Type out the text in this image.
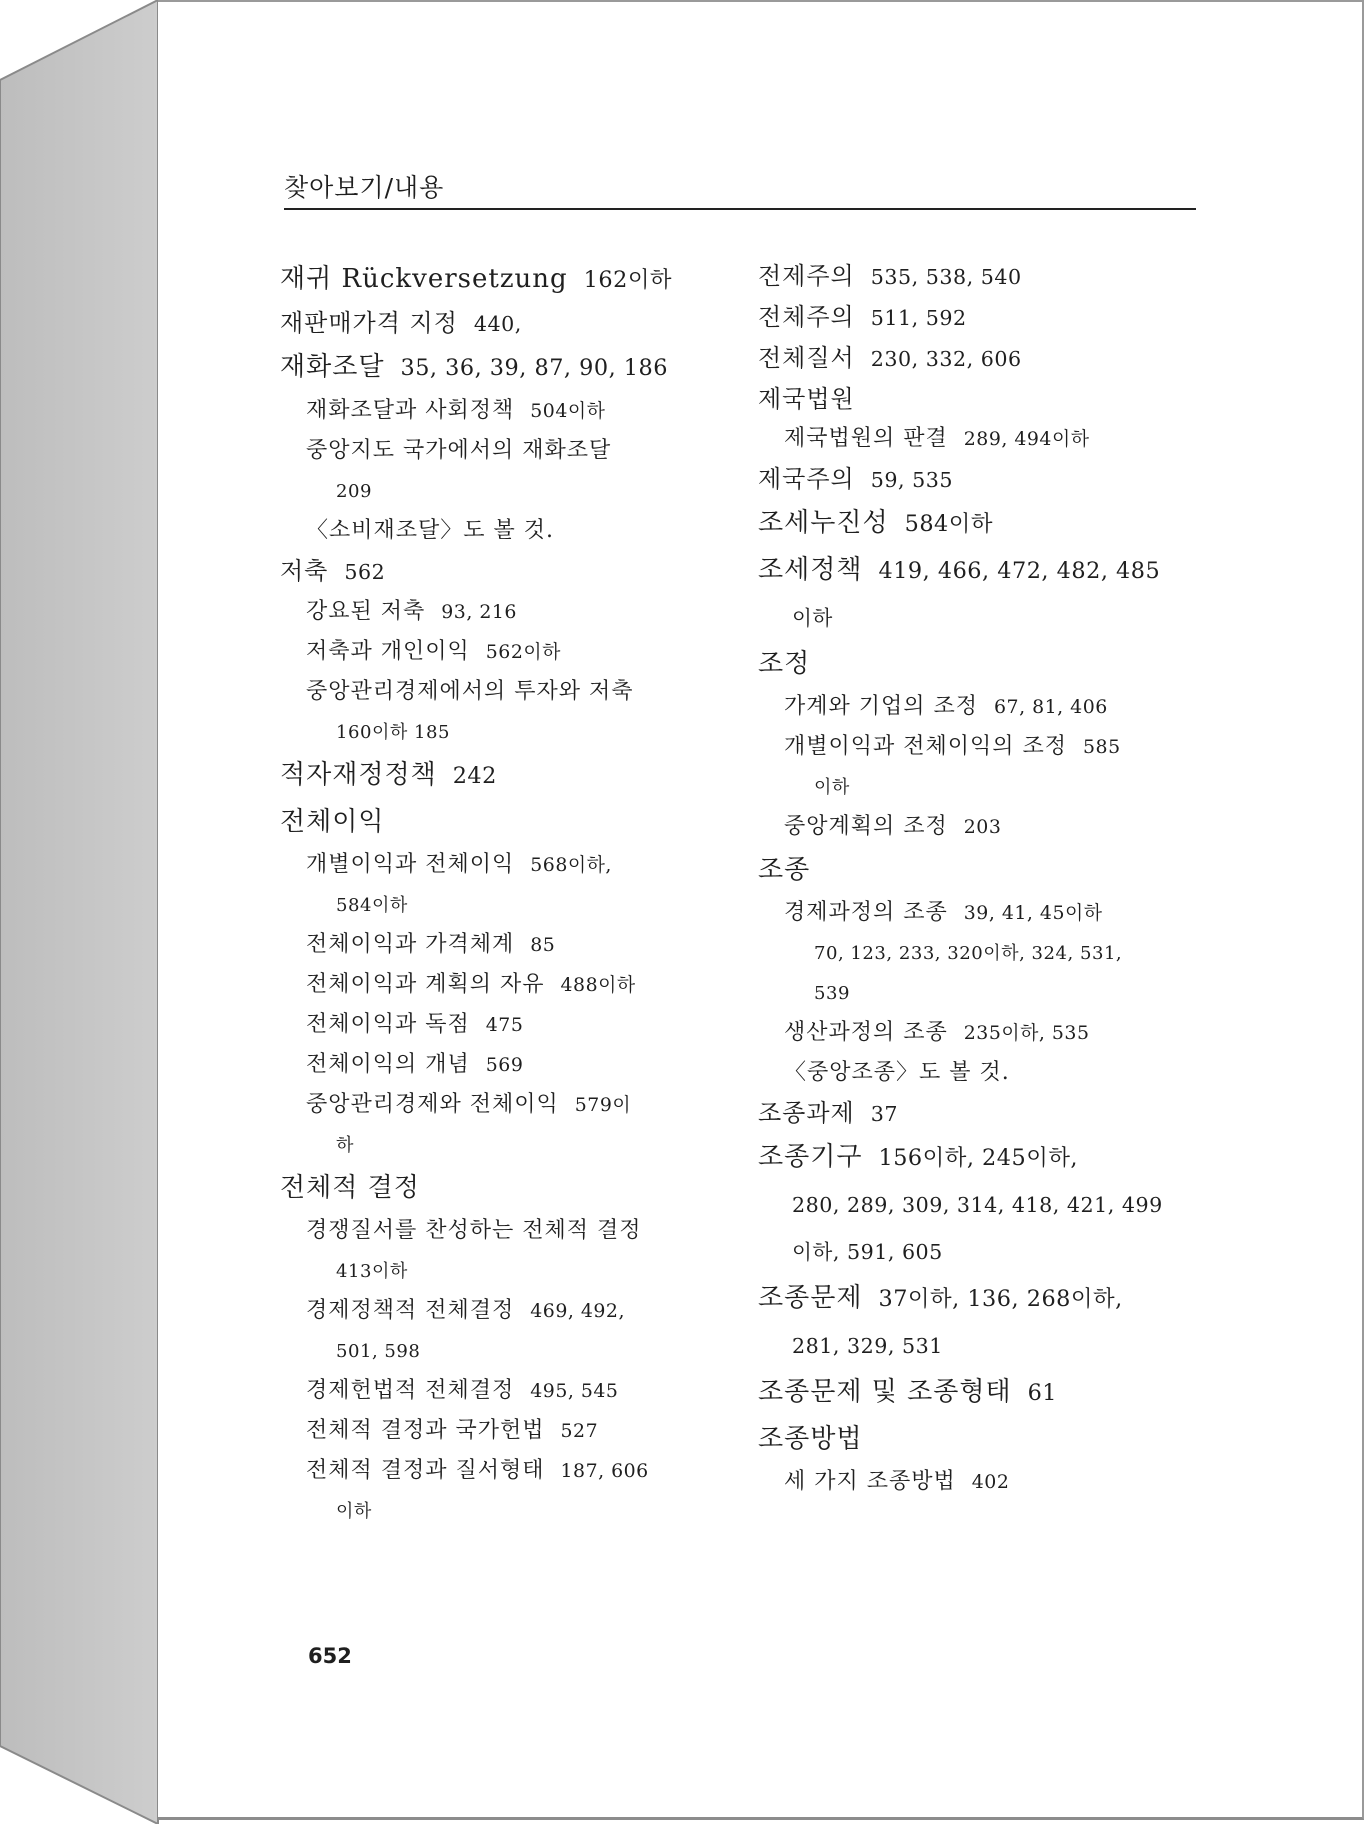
찾아보기/내용
재귀 Rückversetzung 162이하
재판매가격 지정 440,
재화조달 35, 36, 39, 87, 90, 186
재화조달과 사회정책 504이하
중앙지도 국가에서의 재화조달
209
〈소비재조달〉도 볼 것.
저축 562
강요된 저축 93, 216
저축과 개인이익 562이하
중앙관리경제에서의 투자와 저축
160이하 185
적자재정정책 242
전체이익
개별이익과 전체이익 568이하,
584이하
전체이익과 가격체계 85
전체이익과 계획의 자유 488이하
전체이익과 독점 475
전체이익의 개념 569
중앙관리경제와 전체이익 579이
하
전체적 결정
경쟁질서를 찬성하는 전체적 결정
413이하
경제정책적 전체결정 469, 492,
501, 598
경제헌법적 전체결정 495, 545
전체적 결정과 국가헌법 527
전체적 결정과 질서형태 187, 606
이하
전제주의 535, 538, 540
전체주의 511, 592
전체질서 230, 332, 606
제국법원
제국법원의 판결 289, 494이하
제국주의 59, 535
조세누진성 584이하
조세정책 419, 466, 472, 482, 485
이하
조정
가계와 기업의 조정 67, 81, 406
개별이익과 전체이익의 조정 585
이하
중앙계획의 조정 203
조종
경제과정의 조종 39, 41, 45이하
70, 123, 233, 320이하, 324, 531,
539
생산과정의 조종 235이하, 535
〈중앙조종〉도 볼 것.
조종과제 37
조종기구 156이하, 245이하,
280, 289, 309, 314, 418, 421, 499
이하, 591, 605
조종문제 37이하, 136, 268이하,
281, 329, 531
조종문제 및 조종형태 61
조종방법
세 가지 조종방법 402
652
